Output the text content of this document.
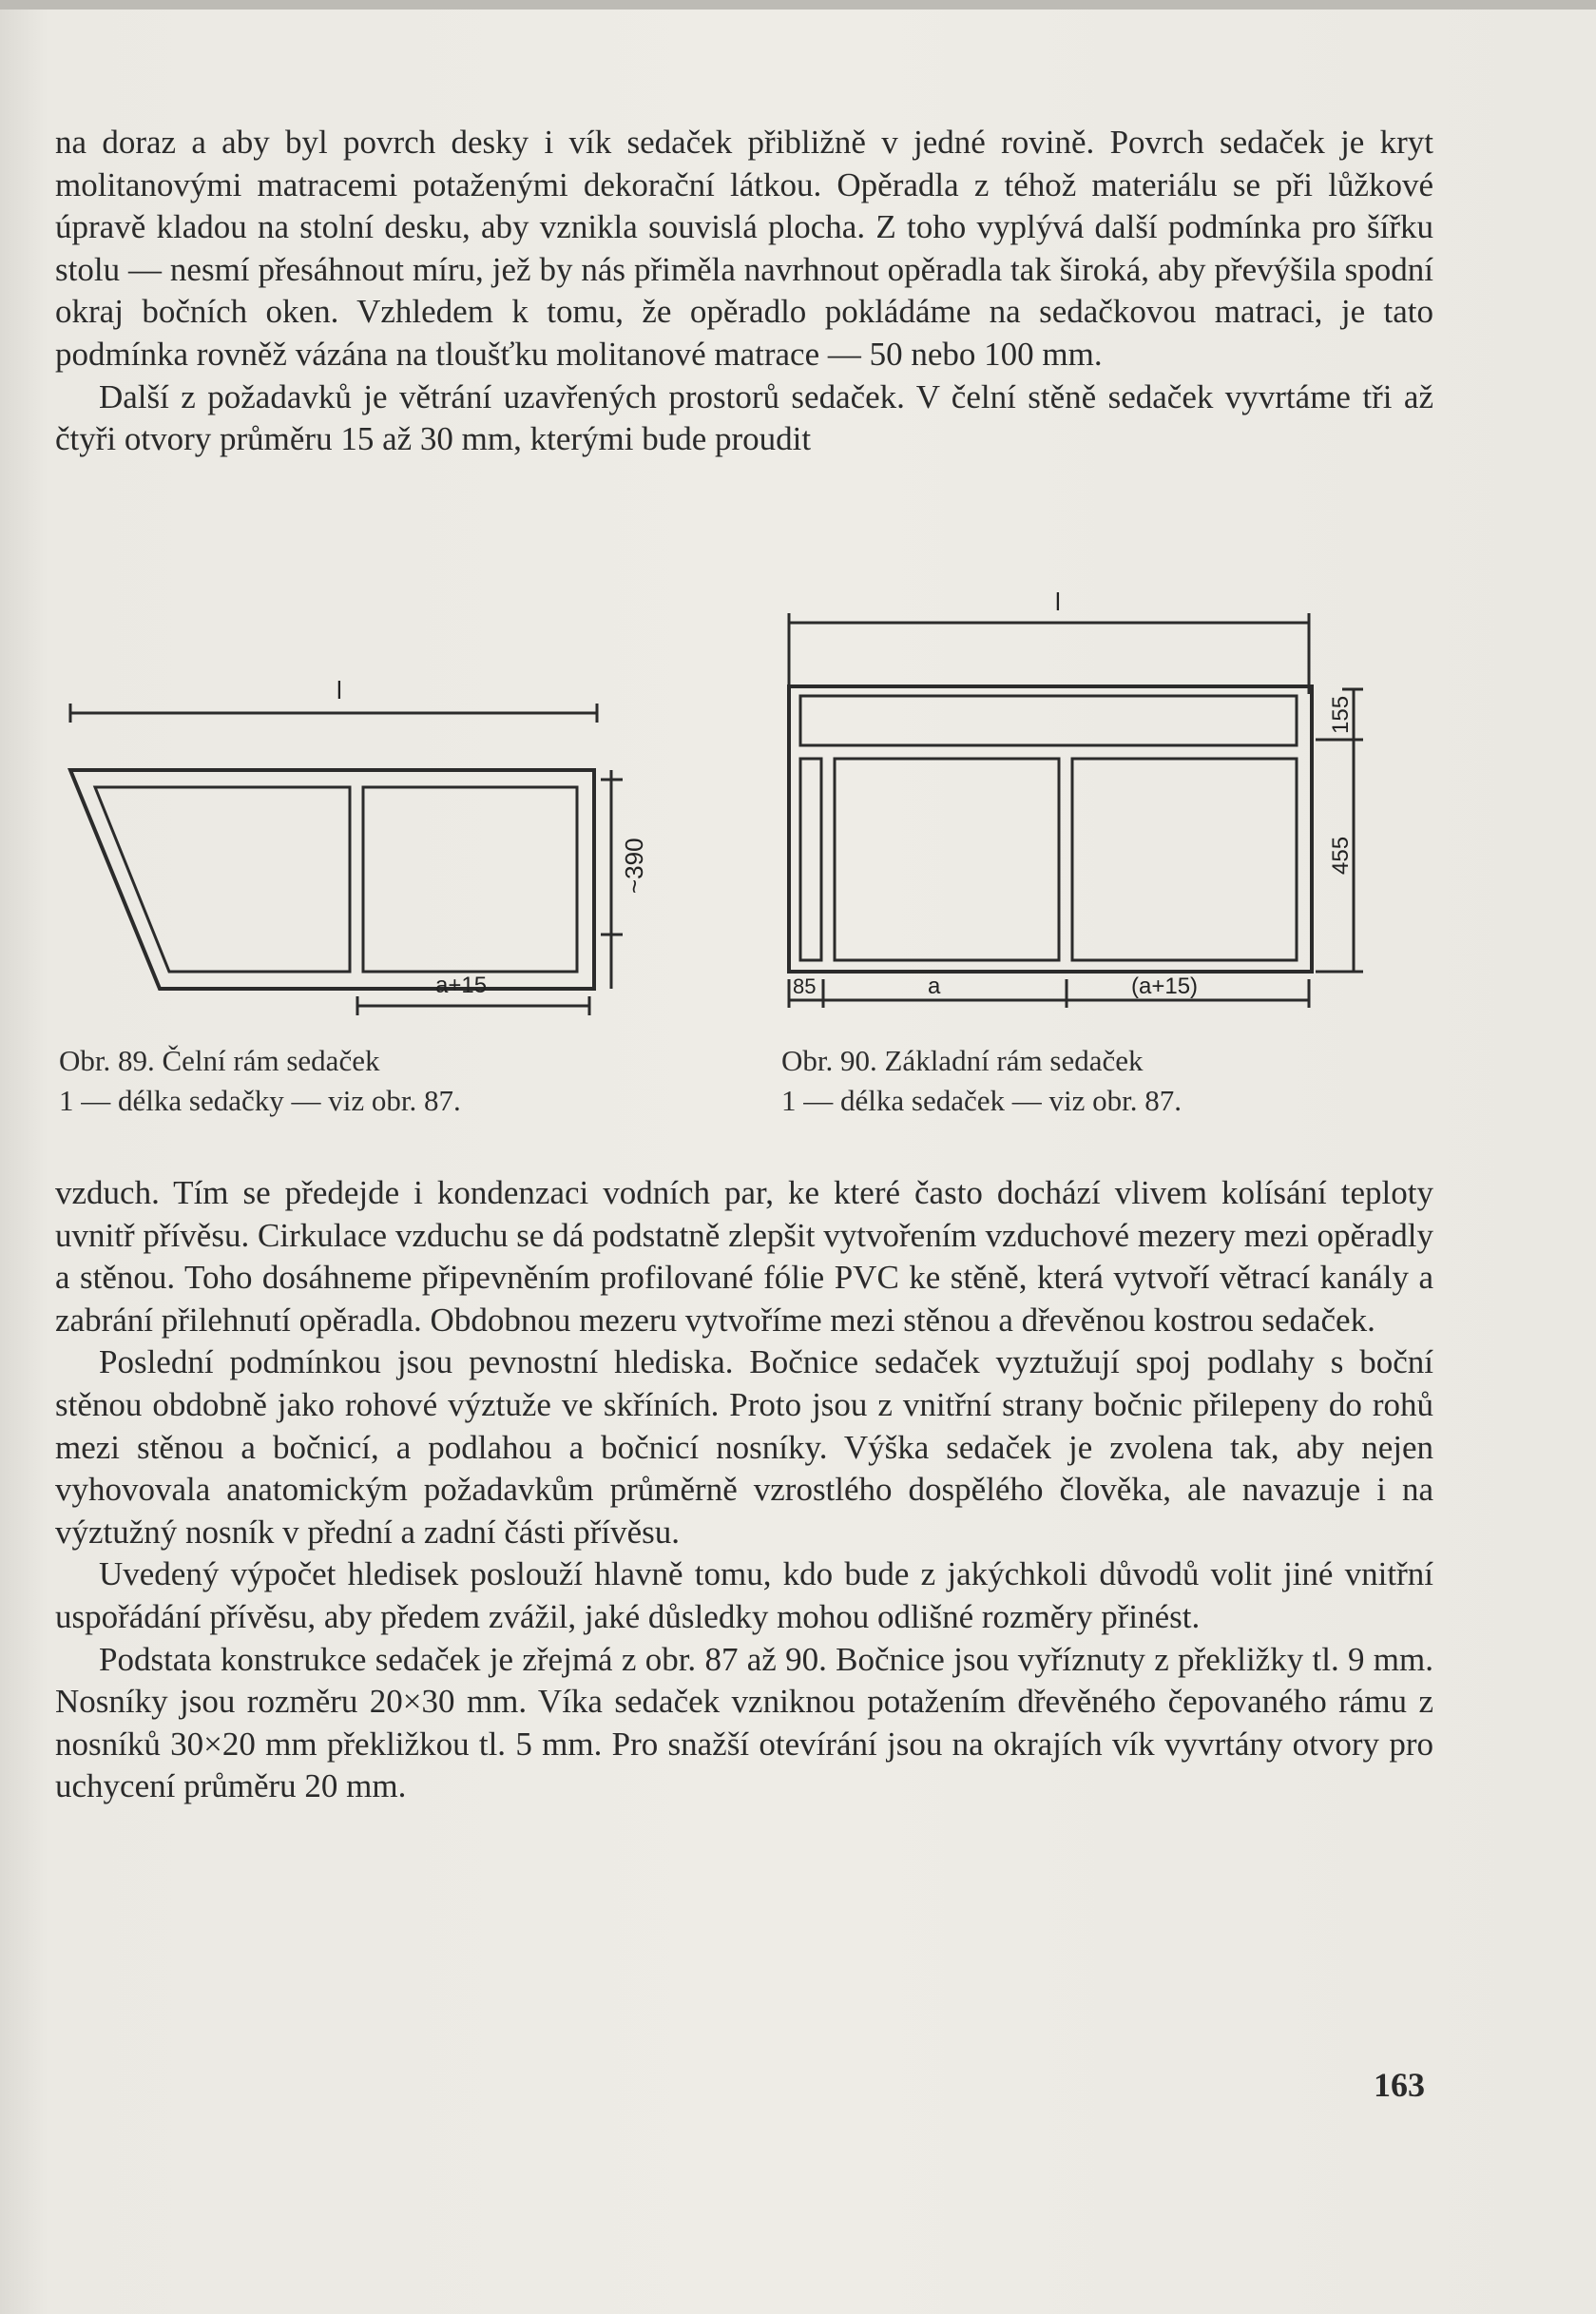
na doraz a aby byl povrch desky i vík sedaček přibližně v jedné rovině. Povrch sedaček je kryt molitanovými matracemi potaženými dekorační látkou. Opěradla z téhož materiálu se při lůžkové úpravě kladou na stolní desku, aby vznikla souvislá plocha. Z toho vyplývá další podmínka pro šířku stolu — nesmí přesáhnout míru, jež by nás přiměla navrhnout opěradla tak široká, aby převýšila spodní okraj bočních oken. Vzhledem k tomu, že opěradlo pokládáme na sedačkovou matraci, je tato podmínka rovněž vázána na tloušťku molitanové matrace — 50 nebo 100 mm.

Další z požadavků je větrání uzavřených prostorů sedaček. V čelní stěně sedaček vyvrtáme tři až čtyři otvory průměru 15 až 30 mm, kterými bude proudit

l
~390
a+15
l
155
455
85	a	(a+15)
Obr. 89. Čelní rám sedaček
1 — délka sedačky — viz obr. 87.
Obr. 90. Základní rám sedaček
1 — délka sedaček — viz obr. 87.

vzduch. Tím se předejde i kondenzaci vodních par, ke které často dochází vlivem kolísání teploty uvnitř přívěsu. Cirkulace vzduchu se dá podstatně zlepšit vytvořením vzduchové mezery mezi opěradly a stěnou. Toho dosáhneme připevněním profilované fólie PVC ke stěně, která vytvoří větrací kanály a zabrání přilehnutí opěradla. Obdobnou mezeru vytvoříme mezi stěnou a dřevěnou kostrou sedaček.

Poslední podmínkou jsou pevnostní hlediska. Bočnice sedaček vyztužují spoj podlahy s boční stěnou obdobně jako rohové výztuže ve skříních. Proto jsou z vnitřní strany bočnic přilepeny do rohů mezi stěnou a bočnicí, a podlahou a bočnicí nosníky. Výška sedaček je zvolena tak, aby nejen vyhovovala anatomickým požadavkům průměrně vzrostlého dospělého člověka, ale navazuje i na výztužný nosník v přední a zadní části přívěsu.

Uvedený výpočet hledisek poslouží hlavně tomu, kdo bude z jakýchkoli důvodů volit jiné vnitřní uspořádání přívěsu, aby předem zvážil, jaké důsledky mohou odlišné rozměry přinést.

Podstata konstrukce sedaček je zřejmá z obr. 87 až 90. Bočnice jsou vyříznuty z překližky tl. 9 mm. Nosníky jsou rozměru 20×30 mm. Víka sedaček vzniknou potažením dřevěného čepovaného rámu z nosníků 30×20 mm překližkou tl. 5 mm. Pro snažší otevírání jsou na okrajích vík vyvrtány otvory pro uchycení průměru 20 mm.

163
